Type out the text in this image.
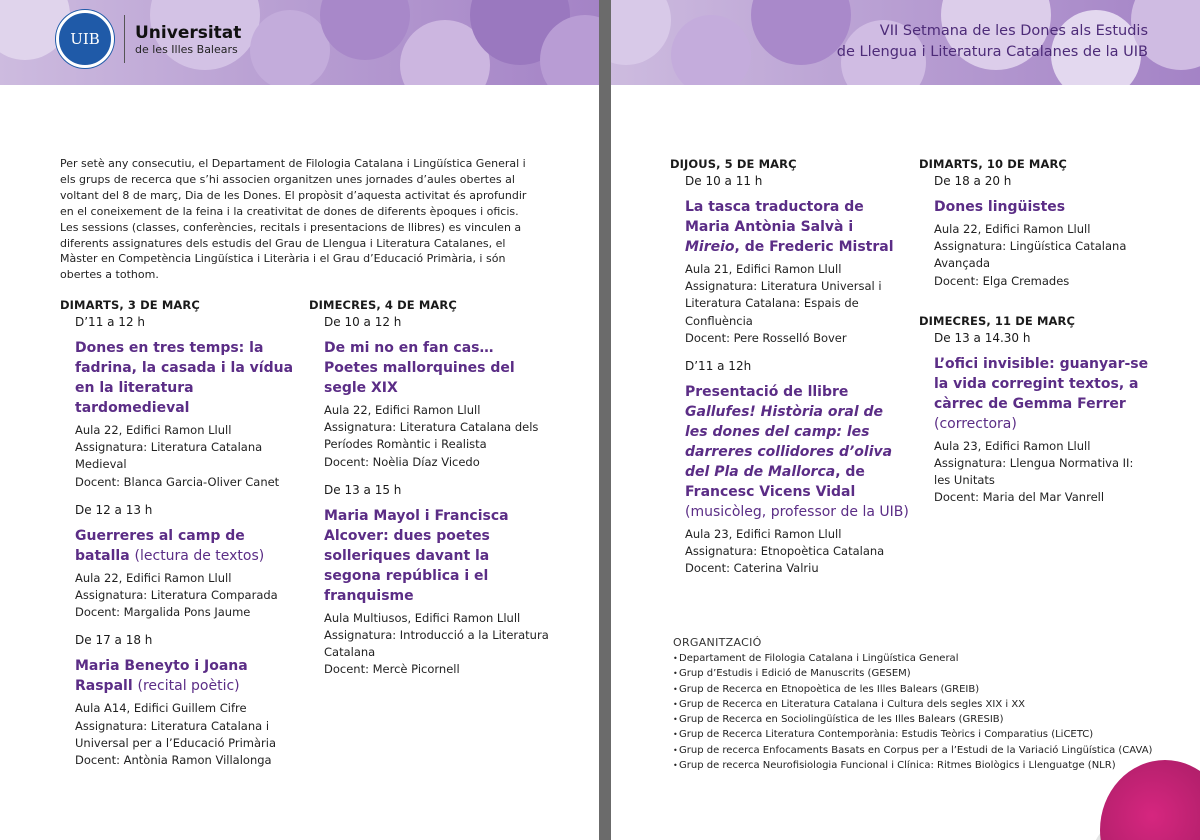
UIB	Universitat
de les Illes Balears

Per setè any consecutiu, el Departament de Filologia Catalana i Lingüística General i els grups de recerca que s’hi associen organitzen unes jornades d’aules obertes al voltant del 8 de març, Dia de les Dones. El propòsit d’aquesta activitat és aprofundir en el coneixement de la feina i la creativitat de dones de diferents èpoques i oficis. Les sessions (classes, conferències, recitals i presentacions de llibres) es vinculen a diferents assignatures dels estudis del Grau de Llengua i Literatura Catalanes, el Màster en Competència Lingüística i Literària i el Grau d’Educació Primària, i són obertes a tothom.

DIMARTS, 3 DE MARÇ
D’11 a 12 h
Dones en tres temps: la fadrina, la casada i la vídua en la literatura tardomedieval
Aula 22, Edifici Ramon Llull
Assignatura: Literatura Catalana Medieval
Docent: Blanca Garcia-Oliver Canet
De 12 a 13 h
Guerreres al camp de batalla (lectura de textos)
Aula 22, Edifici Ramon Llull
Assignatura: Literatura Comparada
Docent: Margalida Pons Jaume
De 17 a 18 h
Maria Beneyto i Joana Raspall (recital poètic)
Aula A14, Edifici Guillem Cifre
Assignatura: Literatura Catalana i Universal per a l’Educació Primària
Docent: Antònia Ramon Villalonga
DIMECRES, 4 DE MARÇ
De 10 a 12 h
De mi no en fan cas… Poetes mallorquines del segle XIX
Aula 22, Edifici Ramon Llull
Assignatura: Literatura Catalana dels Períodes Romàntic i Realista
Docent: Noèlia Díaz Vicedo
De 13 a 15 h
Maria Mayol i Francisca Alcover: dues poetes solleriques davant la segona república i el franquisme
Aula Multiusos, Edifici Ramon Llull
Assignatura: Introducció a la Literatura Catalana
Docent: Mercè Picornell
VII Setmana de les Dones als Estudis
de Llengua i Literatura Catalanes de la UIB
DIJOUS, 5 DE MARÇ
De 10 a 11 h
La tasca traductora de Maria Antònia Salvà i Mireio, de Frederic Mistral
Aula 21, Edifici Ramon Llull
Assignatura: Literatura Universal i Literatura Catalana: Espais de Confluència
Docent: Pere Rosselló Bover
D’11 a 12h
Presentació de llibre Gallufes! Història oral de les dones del camp: les darreres collidores d’oliva del Pla de Mallorca, de Francesc Vicens Vidal (musicòleg, professor de la UIB)
Aula 23, Edifici Ramon Llull
Assignatura: Etnopoètica Catalana
Docent: Caterina Valriu
DIMARTS, 10 DE MARÇ
De 18 a 20 h
Dones lingüistes
Aula 22, Edifici Ramon Llull
Assignatura: Lingüística Catalana Avançada
Docent: Elga Cremades
DIMECRES, 11 DE MARÇ
De 13 a 14.30 h
L’ofici invisible: guanyar-se la vida corregint textos, a càrrec de Gemma Ferrer (correctora)
Aula 23, Edifici Ramon Llull
Assignatura: Llengua Normativa II: les Unitats
Docent: Maria del Mar Vanrell
ORGANITZACIÓ
• Departament de Filologia Catalana i Lingüística General
• Grup d’Estudis i Edició de Manuscrits (GESEM)
• Grup de Recerca en Etnopoètica de les Illes Balears (GREIB)
• Grup de Recerca en Literatura Catalana i Cultura dels segles XIX i XX
• Grup de Recerca en Sociolingüística de les Illes Balears (GRESIB)
• Grup de Recerca Literatura Contemporània: Estudis Teòrics i Comparatius (LiCETC)
• Grup de recerca Enfocaments Basats en Corpus per a l’Estudi de la Variació Lingüística (CAVA)
• Grup de recerca Neurofisiologia Funcional i Clínica: Ritmes Biològics i Llenguatge (NLR)
